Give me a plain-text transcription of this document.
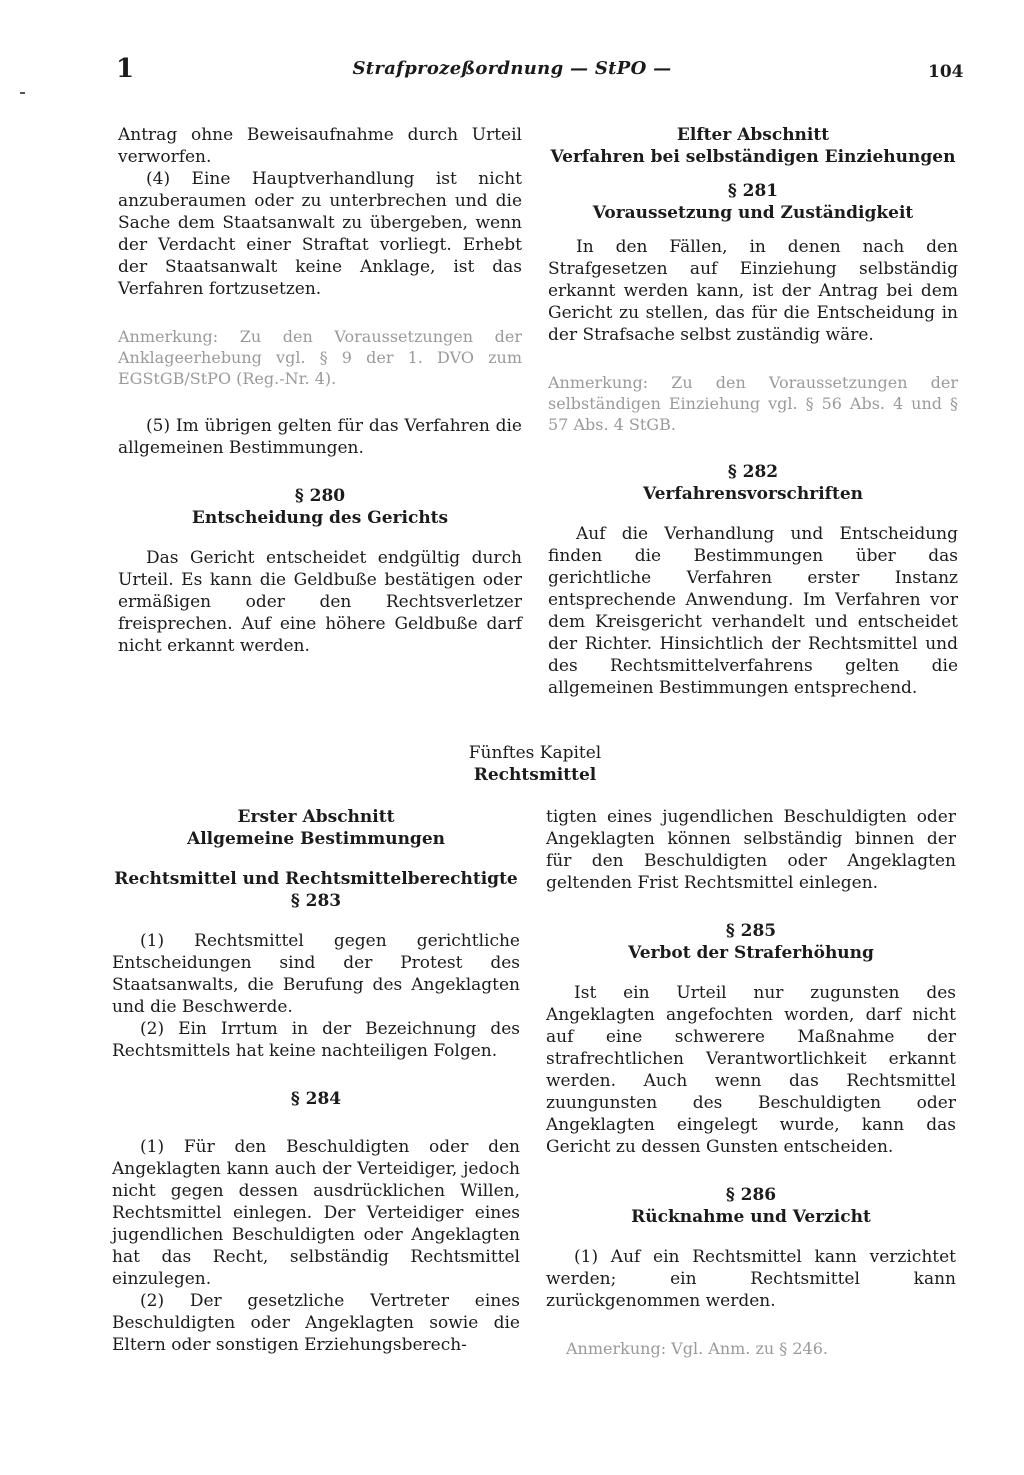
1	Strafprozeßordnung — StPO —	104

Antrag ohne Beweisaufnahme durch Urteil verworfen.

(4) Eine Hauptverhandlung ist nicht anzuberaumen oder zu unterbrechen und die Sache dem Staatsanwalt zu übergeben, wenn der Verdacht einer Straftat vorliegt. Erhebt der Staatsanwalt keine Anklage, ist das Verfahren fortzusetzen.

Anmerkung: Zu den Voraussetzungen der Anklageerhebung vgl. § 9 der 1. DVO zum EGStGB/StPO (Reg.-Nr. 4).

(5) Im übrigen gelten für das Verfahren die allgemeinen Bestimmungen.

§ 280
Entscheidung des Gerichts

Das Gericht entscheidet endgültig durch Urteil. Es kann die Geldbuße bestätigen oder ermäßigen oder den Rechtsverletzer freisprechen. Auf eine höhere Geldbuße darf nicht erkannt werden.

Elfter Abschnitt
Verfahren bei selbständigen Einziehungen
§ 281
Voraussetzung und Zuständigkeit

In den Fällen, in denen nach den Strafgesetzen auf Einziehung selbständig erkannt werden kann, ist der Antrag bei dem Gericht zu stellen, das für die Entscheidung in der Strafsache selbst zuständig wäre.

Anmerkung: Zu den Voraussetzungen der selbständigen Einziehung vgl. § 56 Abs. 4 und § 57 Abs. 4 StGB.

§ 282
Verfahrensvorschriften

Auf die Verhandlung und Entscheidung finden die Bestimmungen über das gerichtliche Verfahren erster Instanz entsprechende Anwendung. Im Verfahren vor dem Kreisgericht verhandelt und entscheidet der Richter. Hinsichtlich der Rechtsmittel und des Rechtsmittelverfahrens gelten die allgemeinen Bestimmungen entsprechend.

Fünftes Kapitel
Rechtsmittel
Erster Abschnitt
Allgemeine Bestimmungen
Rechtsmittel und Rechtsmittelberechtigte
§ 283

(1) Rechtsmittel gegen gerichtliche Entscheidungen sind der Protest des Staatsanwalts, die Berufung des Angeklagten und die Beschwerde.

(2) Ein Irrtum in der Bezeichnung des Rechtsmittels hat keine nachteiligen Folgen.

§ 284

(1) Für den Beschuldigten oder den Angeklagten kann auch der Verteidiger, jedoch nicht gegen dessen ausdrücklichen Willen, Rechtsmittel einlegen. Der Verteidiger eines jugendlichen Beschuldigten oder Angeklagten hat das Recht, selbständig Rechtsmittel einzulegen.

(2) Der gesetzliche Vertreter eines Beschuldigten oder Angeklagten sowie die Eltern oder sonstigen Erziehungsberech-

tigten eines jugendlichen Beschuldigten oder Angeklagten können selbständig binnen der für den Beschuldigten oder Angeklagten geltenden Frist Rechtsmittel einlegen.

§ 285
Verbot der Straferhöhung

Ist ein Urteil nur zugunsten des Angeklagten angefochten worden, darf nicht auf eine schwerere Maßnahme der strafrechtlichen Verantwortlichkeit erkannt werden. Auch wenn das Rechtsmittel zuungunsten des Beschuldigten oder Angeklagten eingelegt wurde, kann das Gericht zu dessen Gunsten entscheiden.

§ 286
Rücknahme und Verzicht

(1) Auf ein Rechtsmittel kann verzichtet werden; ein Rechtsmittel kann zurückgenommen werden.

Anmerkung: Vgl. Anm. zu § 246.
